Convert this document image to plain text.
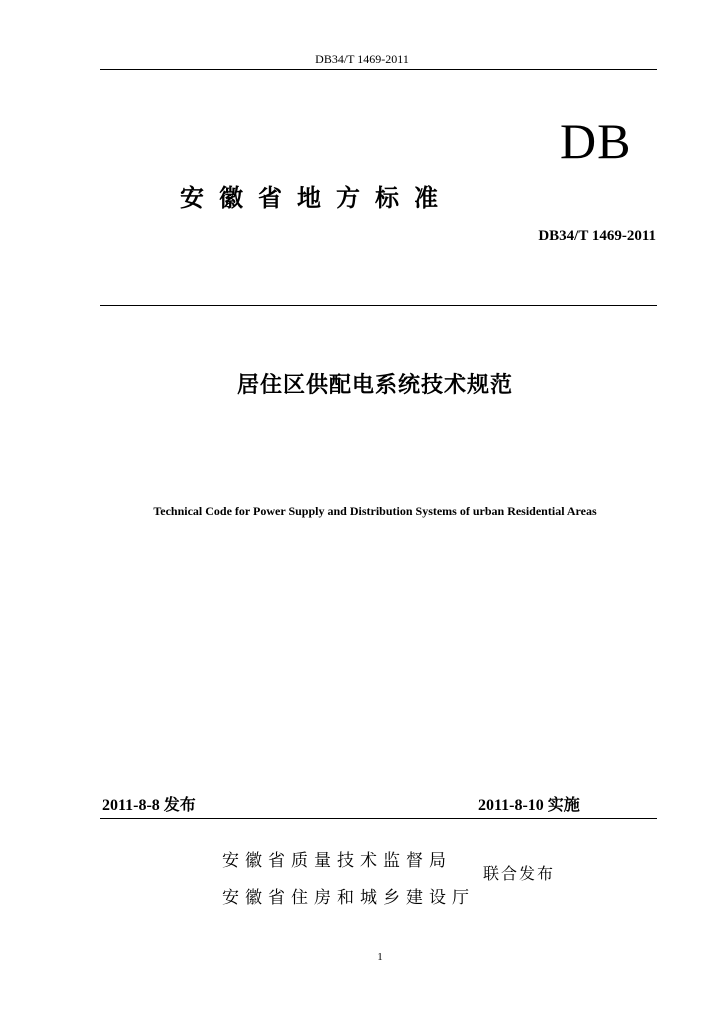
DB34/T 1469-2011
DB
安徽省地方标准
DB34/T 1469-2011
居住区供配电系统技术规范
Technical Code for Power Supply and Distribution Systems of urban Residential Areas
2011-8-8 发布	2011-8-10 实施
安徽省质量技术监督局
安徽省住房和城乡建设厅
联合发布
1
